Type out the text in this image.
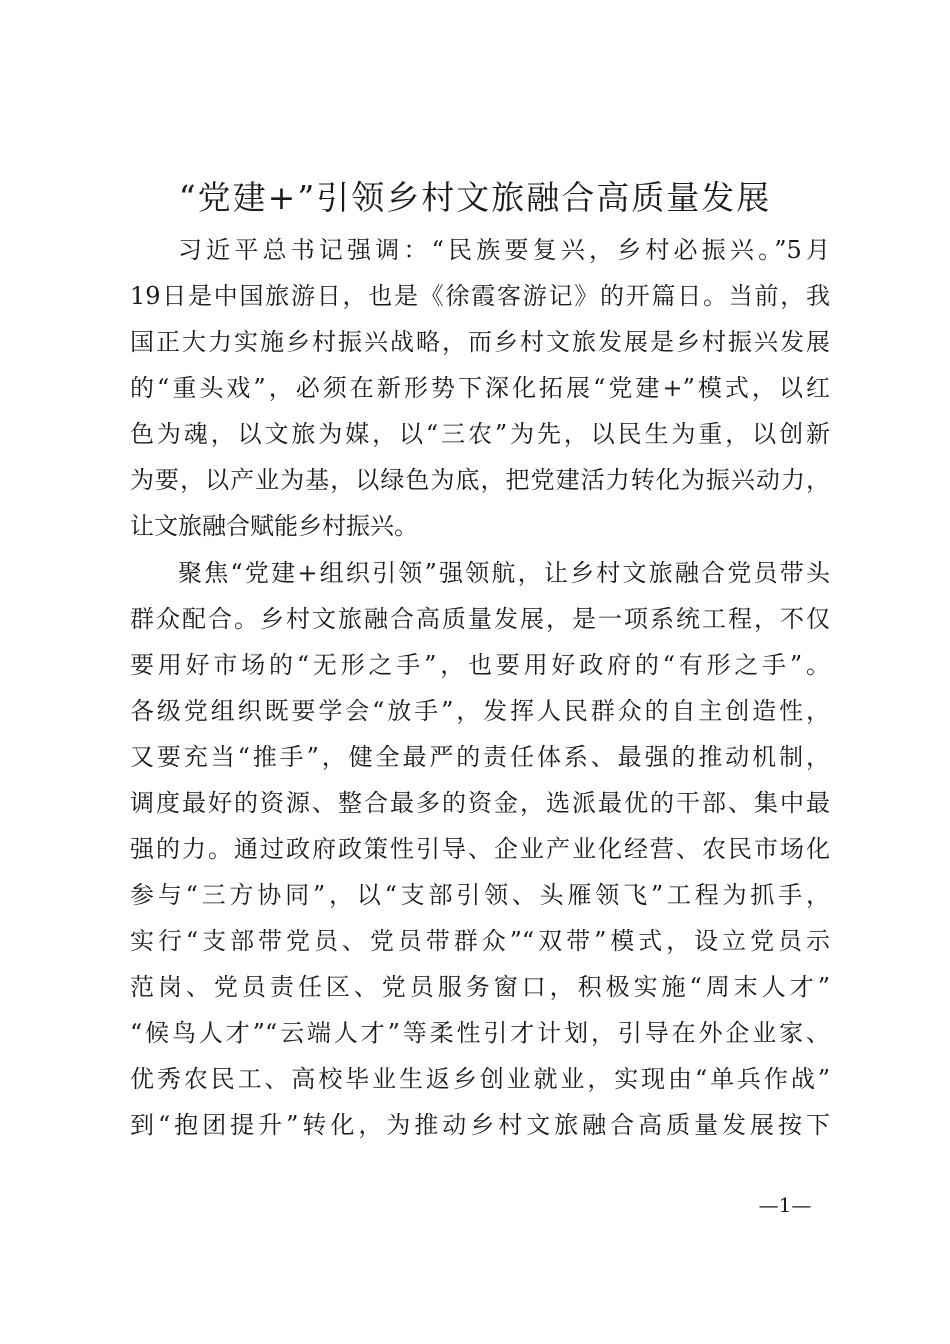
“党建+”引领乡村文旅融合高质量发展
习近平总书记强调：“民族要复兴，乡村必振兴。”5月
19日是中国旅游日，也是《徐霞客游记》的开篇日。当前，我
国正大力实施乡村振兴战略，而乡村文旅发展是乡村振兴发展
的“重头戏”，必须在新形势下深化拓展“党建+”模式，以红
色为魂，以文旅为媒，以“三农”为先，以民生为重，以创新
为要，以产业为基，以绿色为底，把党建活力转化为振兴动力，
让文旅融合赋能乡村振兴。
聚焦“党建+组织引领”强领航，让乡村文旅融合党员带头
群众配合。乡村文旅融合高质量发展，是一项系统工程，不仅
要用好市场的“无形之手”，也要用好政府的“有形之手”。
各级党组织既要学会“放手”，发挥人民群众的自主创造性，
又要充当“推手”，健全最严的责任体系、最强的推动机制，
调度最好的资源、整合最多的资金，选派最优的干部、集中最
强的力。通过政府政策性引导、企业产业化经营、农民市场化
参与“三方协同”，以“支部引领、头雁领飞”工程为抓手，
实行“支部带党员、党员带群众”“双带”模式，设立党员示
范岗、党员责任区、党员服务窗口，积极实施“周末人才”
“候鸟人才”“云端人才”等柔性引才计划，引导在外企业家、
优秀农民工、高校毕业生返乡创业就业，实现由“单兵作战”
到“抱团提升”转化，为推动乡村文旅融合高质量发展按下
—1—
